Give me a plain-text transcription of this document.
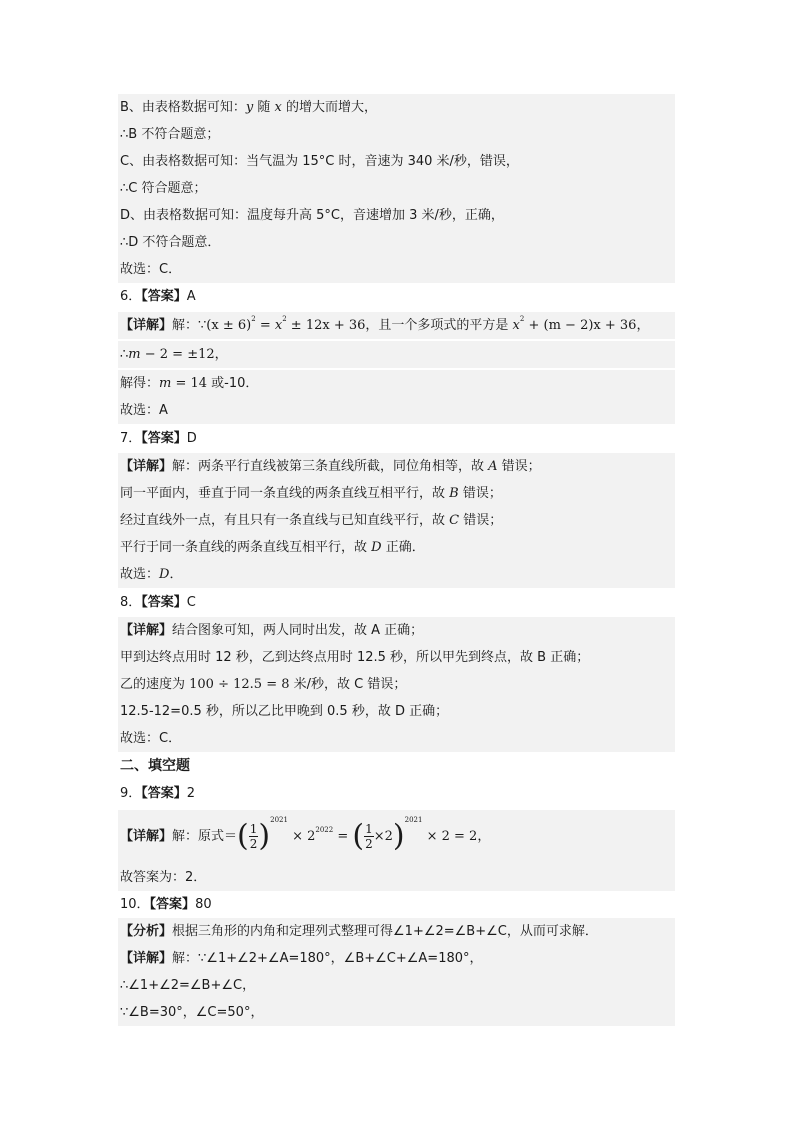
B、由表格数据可知：y 随 x 的增大而增大，
∴B 不符合题意；
C、由表格数据可知：当气温为 15°C 时，音速为 340 米/秒，错误，
∴C 符合题意；
D、由表格数据可知：温度每升高 5°C，音速增加 3 米/秒，正确，
∴D 不符合题意．
故选：C．
6．【答案】A
【详解】解：∵(x ± $6)^2 = x^2 \pm 12x + 36$，且一个多项式的平方是 $x^2 + (m - 2)x + 36$，
∴m − 2 = ±12，
解得：m = 14 或-10．
故选：A
7．【答案】D
【详解】解：两条平行直线被第三条直线所截，同位角相等，故 A 错误；
同一平面内，垂直于同一条直线的两条直线互相平行，故 B 错误；
经过直线外一点，有且只有一条直线与已知直线平行，故 C 错误；
平行于同一条直线的两条直线互相平行，故 D 正确．
故选：D．
8．【答案】C
【详解】结合图象可知，两人同时出发，故 A 正确；
甲到达终点用时 12 秒，乙到达终点用时 12.5 秒，所以甲先到终点，故 B 正确；
乙的速度为 100 ÷ 12.5 = 8 米/秒，故 C 错误；
12.5-12=0.5 秒，所以乙比甲晚到 0.5 秒，故 D 正确；
故选：C．
二、填空题
9．【答案】2
【详解】解：原式＝( $\frac{1}{2} )^{2021} \times 2^{2022}$ = ( $\frac{1}{2} \times 2)^{2021} \times 2 = 2$，
故答案为：2．
10．【答案】80
【分析】根据三角形的内角和定理列式整理可得∠1+∠2=∠B+∠C，从而可求解．
【详解】解：∵∠1+∠2+∠A=180°，∠B+∠C+∠A=180°，
∴∠1+∠2=∠B+∠C，
∵∠B=30°，∠C=50°，
